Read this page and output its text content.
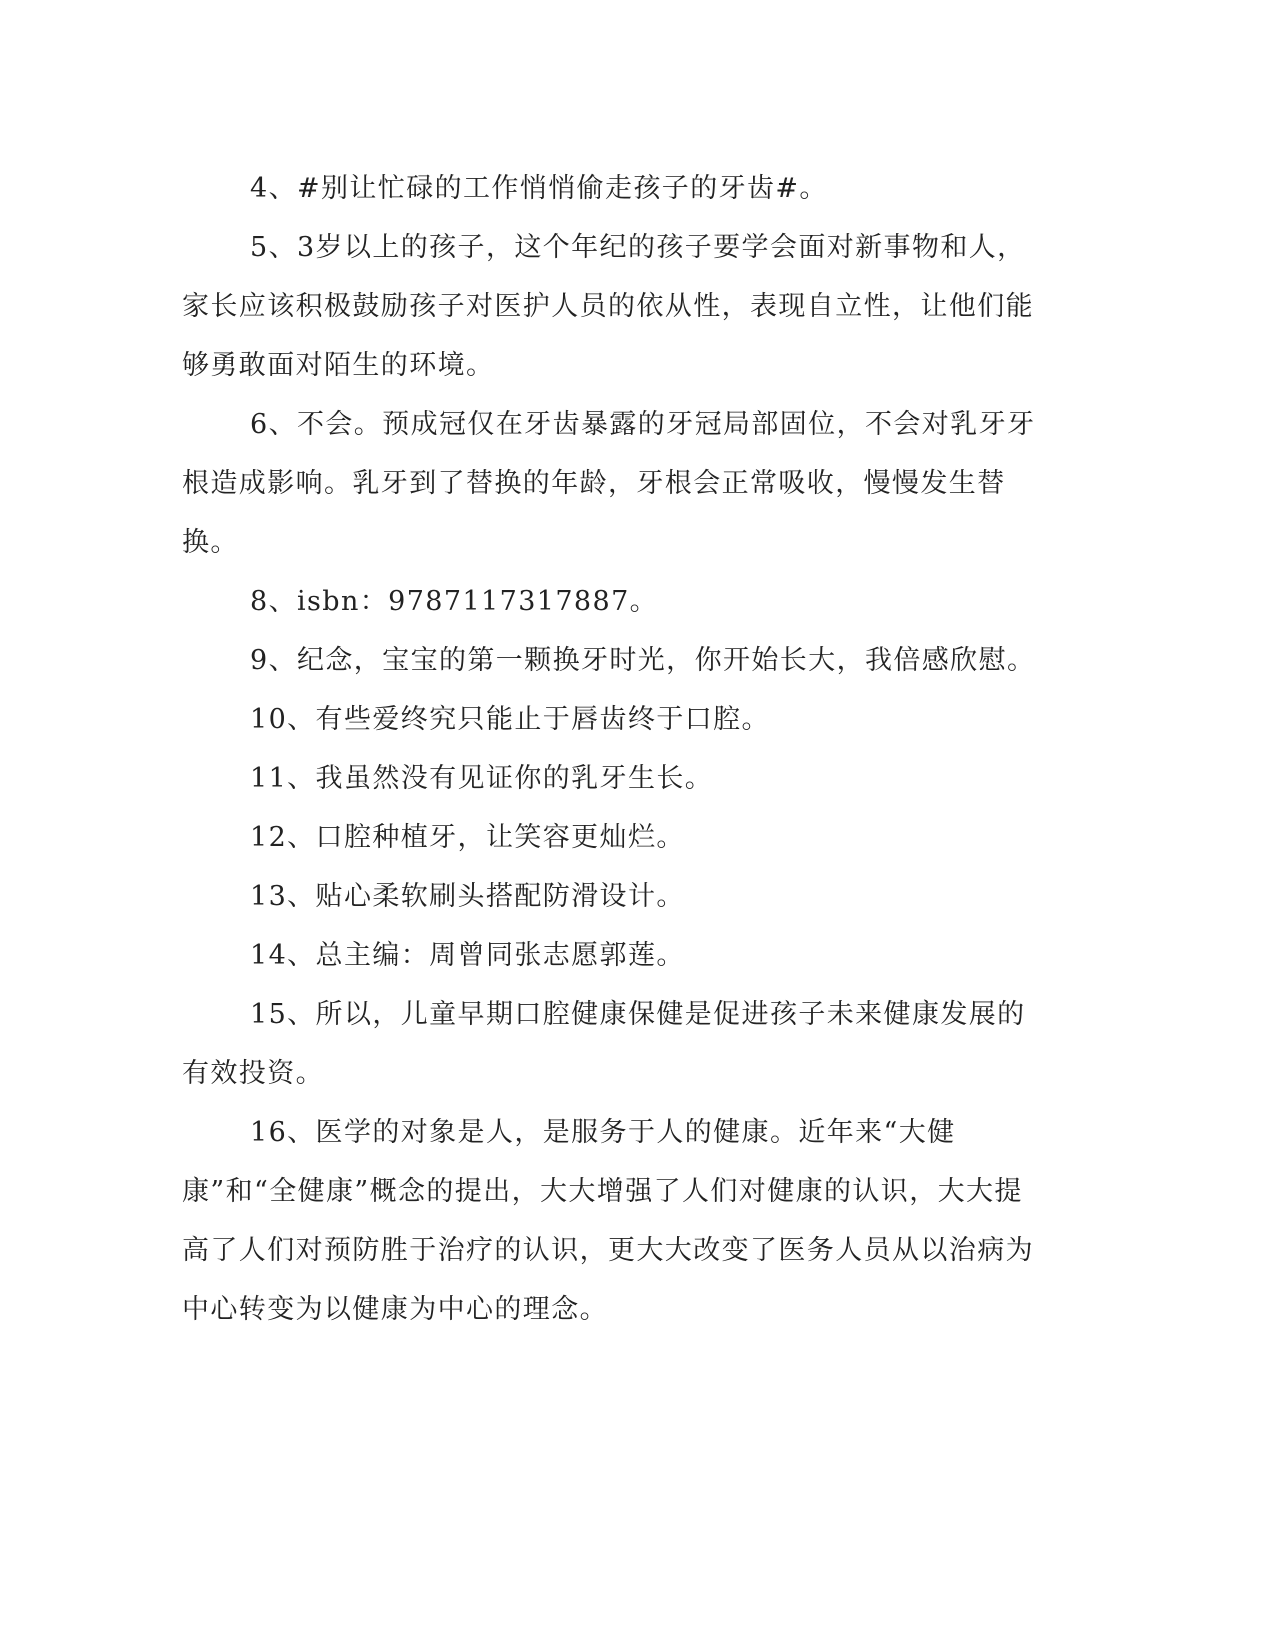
4、#别让忙碌的工作悄悄偷走孩子的牙齿#。

5、3岁以上的孩子，这个年纪的孩子要学会面对新事物和人，家长应该积极鼓励孩子对医护人员的依从性，表现自立性，让他们能够勇敢面对陌生的环境。

6、不会。预成冠仅在牙齿暴露的牙冠局部固位，不会对乳牙牙根造成影响。乳牙到了替换的年龄，牙根会正常吸收，慢慢发生替换。

8、isbn：9787117317887。

9、纪念，宝宝的第一颗换牙时光，你开始长大，我倍感欣慰。

10、有些爱终究只能止于唇齿终于口腔。

11、我虽然没有见证你的乳牙生长。

12、口腔种植牙，让笑容更灿烂。

13、贴心柔软刷头搭配防滑设计。

14、总主编：周曾同张志愿郭莲。

15、所以，儿童早期口腔健康保健是促进孩子未来健康发展的有效投资。

16、医学的对象是人，是服务于人的健康。近年来“大健康”和“全健康”概念的提出，大大增强了人们对健康的认识，大大提高了人们对预防胜于治疗的认识，更大大改变了医务人员从以治病为中心转变为以健康为中心的理念。
